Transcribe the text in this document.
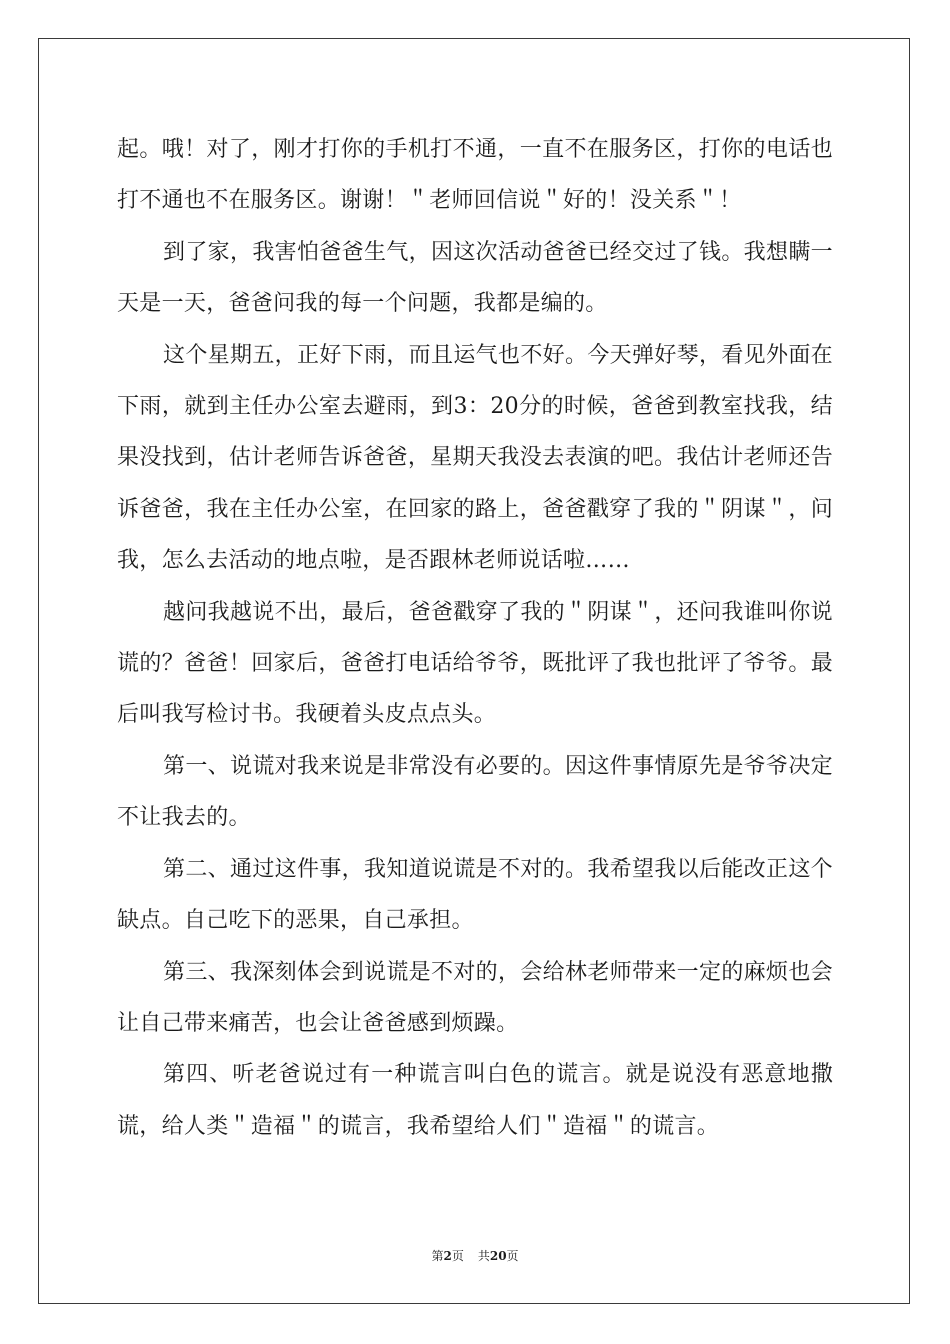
起。哦！对了，刚才打你的手机打不通，一直不在服务区，打你的电话也打不通也不在服务区。谢谢！＂老师回信说＂好的！没关系＂！

到了家，我害怕爸爸生气，因这次活动爸爸已经交过了钱。我想瞒一天是一天，爸爸问我的每一个问题，我都是编的。

这个星期五，正好下雨，而且运气也不好。今天弹好琴，看见外面在下雨，就到主任办公室去避雨，到3：20分的时候，爸爸到教室找我，结果没找到，估计老师告诉爸爸，星期天我没去表演的吧。我估计老师还告诉爸爸，我在主任办公室，在回家的路上，爸爸戳穿了我的＂阴谋＂，问我，怎么去活动的地点啦，是否跟林老师说话啦……

越问我越说不出，最后，爸爸戳穿了我的＂阴谋＂，还问我谁叫你说谎的？爸爸！回家后，爸爸打电话给爷爷，既批评了我也批评了爷爷。最后叫我写检讨书。我硬着头皮点点头。

第一、说谎对我来说是非常没有必要的。因这件事情原先是爷爷决定不让我去的。

第二、通过这件事，我知道说谎是不对的。我希望我以后能改正这个缺点。自己吃下的恶果，自己承担。

第三、我深刻体会到说谎是不对的，会给林老师带来一定的麻烦也会让自己带来痛苦，也会让爸爸感到烦躁。

第四、听老爸说过有一种谎言叫白色的谎言。就是说没有恶意地撒谎，给人类＂造福＂的谎言，我希望给人们＂造福＂的谎言。

第2页 共20页
